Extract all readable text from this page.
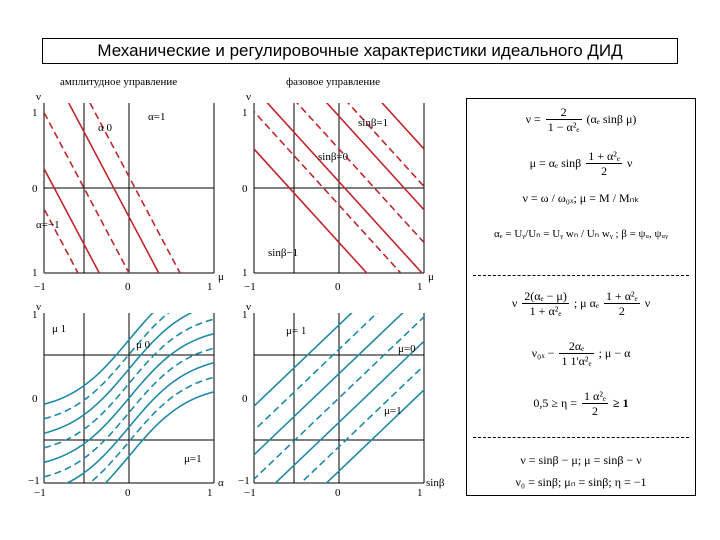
Механические и регулировочные характеристики идеального ДИД
амплитудное управление	фазовое управление
ν
μ
1
0
1
−1	0	1
α 0
α=1
α=−1
ν
μ
1
0
1
−1	0	1
sinβ=1
sinβ=0
sinβ−1
ν
α
1
0
−1
−1	0	1
μ 1
μ 0
μ=1
ν
sinβ
1
0
−1
−1	0	1
μ= 1
μ=0
μ=1
$\nu = \frac{2}{\text{1 − α²ₑ}} (\alpha_e$ sinβ μ)
μ = αₑ sinβ $\frac{\text{1 + α²ₑ}}{2}$ ν
ν = ω / ω₀ₓ; μ = M / Mₙₖ
αₑ = Uᵧ/Uₙ = Uᵧ wₙ / Uₙ wᵧ ; β = ψᵤ, ψᵤᵧ
ν $\frac{\text{2(αₑ − μ)}}{\text{1 + α²ₑ}}$ ; μ αₑ $\frac{\text{1 + α²ₑ}}{2}$ ν
$\nu_{0x} - \frac{\text{2αₑ}}{\text{1 1'α²ₑ}}$ ; μ − α
$0,5 \ge \eta = \frac{\text{1 α²ₑ}}{2} \ge 1$
ν = sinβ − μ; μ = sinβ − ν
ν₀ = sinβ; μₙ = sinβ; η = −1
